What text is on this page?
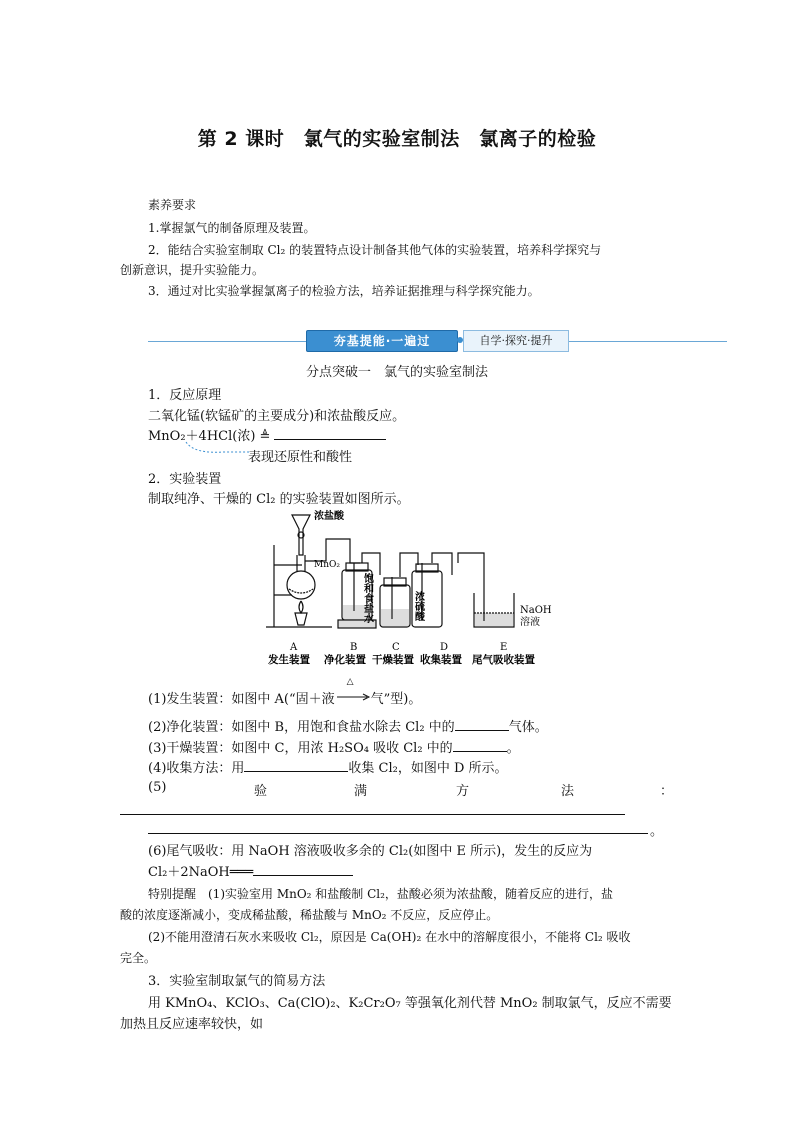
第 2 课时　氯气的实验室制法　氯离子的检验
素养要求
1.掌握氯气的制备原理及装置。
2．能结合实验室制取 Cl₂ 的装置特点设计制备其他气体的实验装置，培养科学探究与
创新意识，提升实验能力。
3．通过对比实验掌握氯离子的检验方法，培养证据推理与科学探究能力。
夯基提能·一遍过	自学·探究·提升
分点突破一　氯气的实验室制法
1．反应原理
二氧化锰(软锰矿的主要成分)和浓盐酸反应。
MnO₂＋4HCl(浓) ≜
表现还原性和酸性
2．实验装置
制取纯净、干燥的 Cl₂ 的实验装置如图所示。
浓盐酸
MnO₂
饱和食盐水	浓硫酸	NaOH
溶液
A	B	C	D	E
发生装置 净化装置 干燥装置 收集装置 尾气吸收装置
(1)发生装置：如图中 A(“固＋液
△
气”型)。
(2)净化装置：如图中 B，用饱和食盐水除去 Cl₂ 中的	气体。
(3)干燥装置：如图中 C，用浓 H₂SO₄ 吸收 Cl₂ 中的	。
(4)收集方法：用	收集 Cl₂，如图中 D 所示。
(5)	验	满	方	法	：
。
(6)尾气吸收：用 NaOH 溶液吸收多余的 Cl₂(如图中 E 所示)，发生的反应为
Cl₂＋2NaOH═══
特别提醒　(1)实验室用 MnO₂ 和盐酸制 Cl₂，盐酸必须为浓盐酸，随着反应的进行，盐
酸的浓度逐渐减小，变成稀盐酸，稀盐酸与 MnO₂ 不反应，反应停止。
(2)不能用澄清石灰水来吸收 Cl₂，原因是 Ca(OH)₂ 在水中的溶解度很小，不能将 Cl₂ 吸收
完全。
3．实验室制取氯气的简易方法
用 KMnO₄、KClO₃、Ca(ClO)₂、K₂Cr₂O₇ 等强氧化剂代替 MnO₂ 制取氯气，反应不需要
加热且反应速率较快，如
